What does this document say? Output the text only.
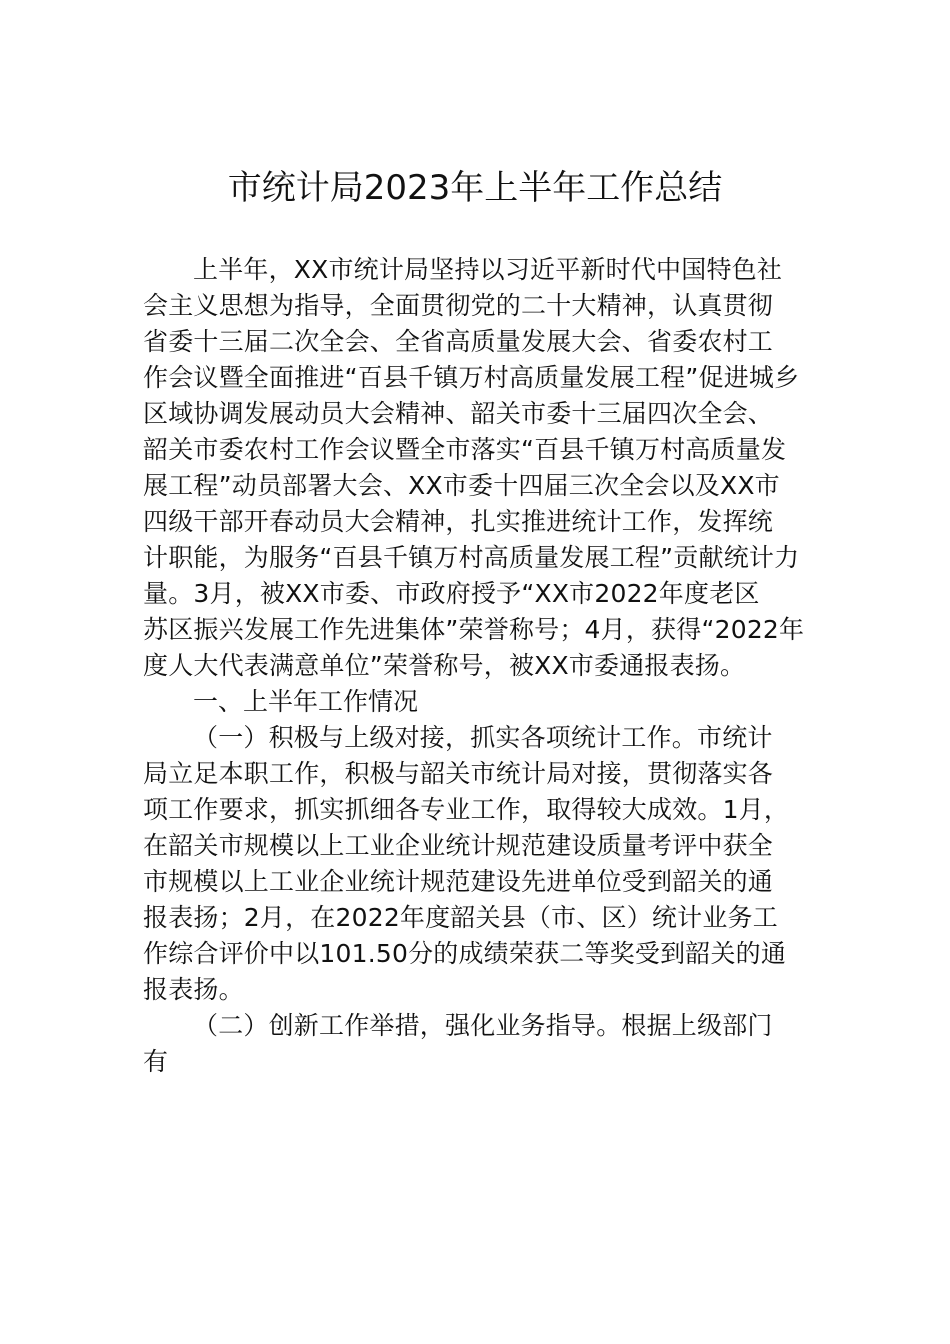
市统计局2023年上半年工作总结

上半年，XX市统计局坚持以习近平新时代中国特色社
会主义思想为指导，全面贯彻党的二十大精神，认真贯彻
省委十三届二次全会、全省高质量发展大会、省委农村工
作会议暨全面推进“百县千镇万村高质量发展工程”促进城乡
区域协调发展动员大会精神、韶关市委十三届四次全会、
韶关市委农村工作会议暨全市落实“百县千镇万村高质量发
展工程”动员部署大会、XX市委十四届三次全会以及XX市
四级干部开春动员大会精神，扎实推进统计工作，发挥统
计职能，为服务“百县千镇万村高质量发展工程”贡献统计力
量。3月，被XX市委、市政府授予“XX市2022年度老区
苏区振兴发展工作先进集体”荣誉称号；4月，获得“2022年
度人大代表满意单位”荣誉称号，被XX市委通报表扬。

一、上半年工作情况

（一）积极与上级对接，抓实各项统计工作。市统计
局立足本职工作，积极与韶关市统计局对接，贯彻落实各
项工作要求，抓实抓细各专业工作，取得较大成效。1月，
在韶关市规模以上工业企业统计规范建设质量考评中获全
市规模以上工业企业统计规范建设先进单位受到韶关的通
报表扬；2月，在2022年度韶关县（市、区）统计业务工
作综合评价中以101.50分的成绩荣获二等奖受到韶关的通
报表扬。

（二）创新工作举措，强化业务指导。根据上级部门
有
